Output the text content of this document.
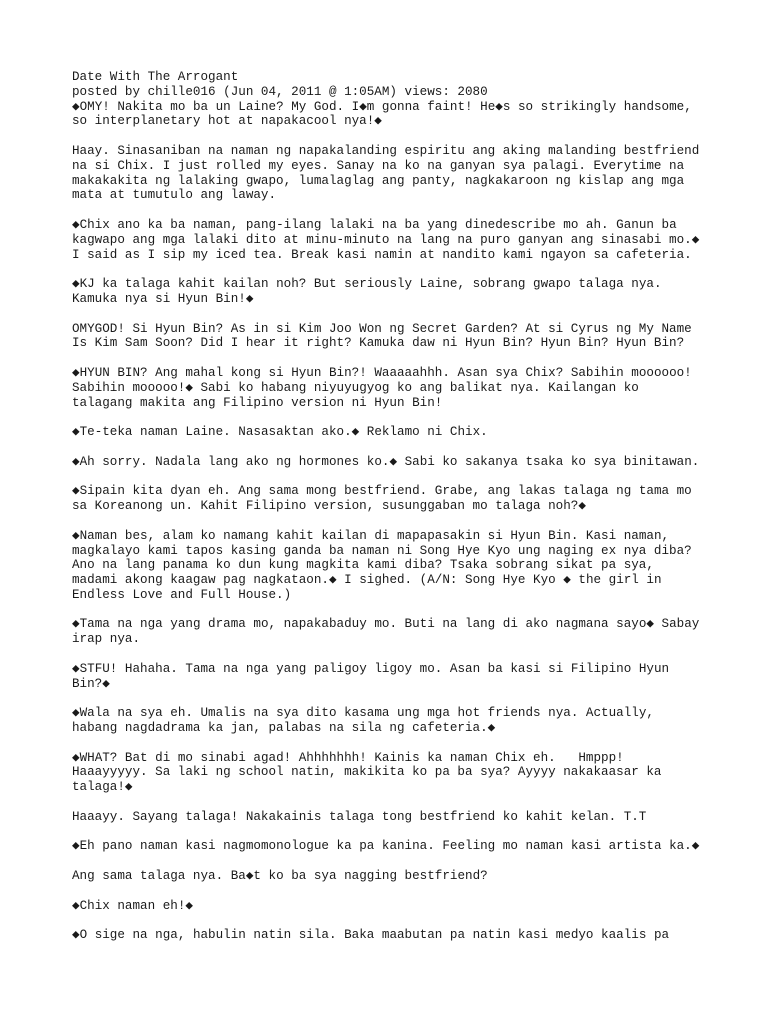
Date With The Arrogant
posted by chille016 (Jun 04, 2011 @ 1:05AM) views: 2080
◆OMY! Nakita mo ba un Laine? My God. I◆m gonna faint! He◆s so strikingly handsome,
so interplanetary hot at napakacool nya!◆
Haay. Sinasaniban na naman ng napakalanding espiritu ang aking malanding bestfriend
na si Chix. I just rolled my eyes. Sanay na ko na ganyan sya palagi. Everytime na
makakakita ng lalaking gwapo, lumalaglag ang panty, nagkakaroon ng kislap ang mga
mata at tumutulo ang laway.
◆Chix ano ka ba naman, pang-ilang lalaki na ba yang dinedescribe mo ah. Ganun ba
kagwapo ang mga lalaki dito at minu-minuto na lang na puro ganyan ang sinasabi mo.◆
I said as I sip my iced tea. Break kasi namin at nandito kami ngayon sa cafeteria.
◆KJ ka talaga kahit kailan noh? But seriously Laine, sobrang gwapo talaga nya.
Kamuka nya si Hyun Bin!◆
OMYGOD! Si Hyun Bin? As in si Kim Joo Won ng Secret Garden? At si Cyrus ng My Name
Is Kim Sam Soon? Did I hear it right? Kamuka daw ni Hyun Bin? Hyun Bin? Hyun Bin?
◆HYUN BIN? Ang mahal kong si Hyun Bin?! Waaaaahhh. Asan sya Chix? Sabihin moooooo!
Sabihin mooooo!◆ Sabi ko habang niyuyugyog ko ang balikat nya. Kailangan ko
talagang makita ang Filipino version ni Hyun Bin!
◆Te-teka naman Laine. Nasasaktan ako.◆ Reklamo ni Chix.
◆Ah sorry. Nadala lang ako ng hormones ko.◆ Sabi ko sakanya tsaka ko sya binitawan.
◆Sipain kita dyan eh. Ang sama mong bestfriend. Grabe, ang lakas talaga ng tama mo
sa Koreanong un. Kahit Filipino version, susunggaban mo talaga noh?◆
◆Naman bes, alam ko namang kahit kailan di mapapasakin si Hyun Bin. Kasi naman,
magkalayo kami tapos kasing ganda ba naman ni Song Hye Kyo ung naging ex nya diba?
Ano na lang panama ko dun kung magkita kami diba? Tsaka sobrang sikat pa sya,
madami akong kaagaw pag nagkataon.◆ I sighed. (A/N: Song Hye Kyo ◆ the girl in
Endless Love and Full House.)
◆Tama na nga yang drama mo, napakabaduy mo. Buti na lang di ako nagmana sayo◆ Sabay
irap nya.
◆STFU! Hahaha. Tama na nga yang paligoy ligoy mo. Asan ba kasi si Filipino Hyun
Bin?◆
◆Wala na sya eh. Umalis na sya dito kasama ung mga hot friends nya. Actually,
habang nagdadrama ka jan, palabas na sila ng cafeteria.◆
◆WHAT? Bat di mo sinabi agad! Ahhhhhhh! Kainis ka naman Chix eh.   Hmppp!
Haaayyyyy. Sa laki ng school natin, makikita ko pa ba sya? Ayyyy nakakaasar ka
talaga!◆
Haaayy. Sayang talaga! Nakakainis talaga tong bestfriend ko kahit kelan. T.T
◆Eh pano naman kasi nagmomonologue ka pa kanina. Feeling mo naman kasi artista ka.◆
Ang sama talaga nya. Ba◆t ko ba sya nagging bestfriend?
◆Chix naman eh!◆
◆O sige na nga, habulin natin sila. Baka maabutan pa natin kasi medyo kaalis pa
